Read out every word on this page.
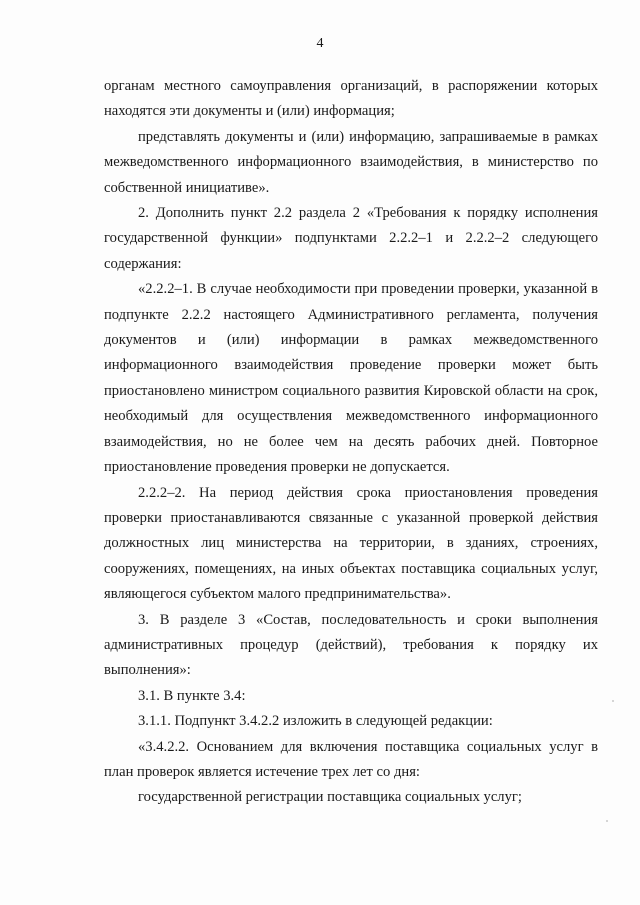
4

органам местного самоуправления организаций, в распоряжении которых находятся эти документы и (или) информация;

представлять документы и (или) информацию, запрашиваемые в рамках межведомственного информационного взаимодействия, в министерство по собственной инициативе».

2. Дополнить пункт 2.2 раздела 2 «Требования к порядку исполнения государственной функции» подпунктами 2.2.2–1 и 2.2.2–2 следующего содержания:

«2.2.2–1. В случае необходимости при проведении проверки, указанной в подпункте 2.2.2 настоящего Административного регламента, получения документов и (или) информации в рамках межведомственного информационного взаимодействия проведение проверки может быть приостановлено министром социального развития Кировской области на срок, необходимый для осуществления межведомственного информационного взаимодействия, но не более чем на десять рабочих дней. Повторное приостановление проведения проверки не допускается.

2.2.2–2. На период действия срока приостановления проведения проверки приостанавливаются связанные с указанной проверкой действия должностных лиц министерства на территории, в зданиях, строениях, сооружениях, помещениях, на иных объектах поставщика социальных услуг, являющегося субъектом малого предпринимательства».

3. В разделе 3 «Состав, последовательность и сроки выполнения административных процедур (действий), требования к порядку их выполнения»:

3.1. В пункте 3.4:

3.1.1. Подпункт 3.4.2.2 изложить в следующей редакции:

«3.4.2.2. Основанием для включения поставщика социальных услуг в план проверок является истечение трех лет со дня:

государственной регистрации поставщика социальных услуг;
